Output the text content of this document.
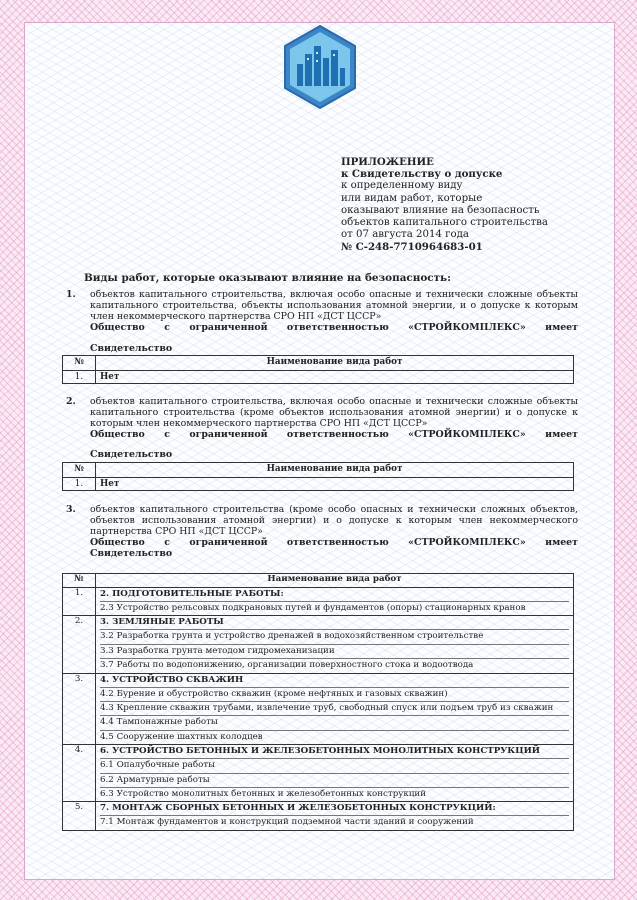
ПРИЛОЖЕНИЕ
к Свидетельству о допуске
к определенному виду
или видам работ, которые
оказывают влияние на безопасность
объектов капитального строительства
от 07 августа 2014 года
№ С-248-7710964683-01
Виды работ, которые оказывают влияние на безопасность:
1. объектов капитального строительства, включая особо опасные и технически сложные объекты капитального строительства, объекты использования атомной энергии, и о допуске к которым член некоммерческого партнерства СРО НП «ДСТ ЦССР»
Общество с ограниченной ответственностью «СТРОЙКОМПЛЕКС» имеет
№	Наименование вида работ
1.	Нет
Свидетельство
2. объектов капитального строительства, включая особо опасные и технически сложные объекты капитального строительства (кроме объектов использования атомной энергии) и о допуске к которым член некоммерческого партнерства СРО НП «ДСТ ЦССР»
Общество с ограниченной ответственностью «СТРОЙКОМПЛЕКС» имеет
Свидетельство
№	Наименование вида работ
1.	Нет
3. объектов капитального строительства (кроме особо опасных и технически сложных объектов, объектов использования атомной энергии) и о допуске к которым член некоммерческого партнерства СРО НП «ДСТ ЦССР»
Общество с ограниченной ответственностью «СТРОЙКОМПЛЕКС» имеет
Свидетельство
№	Наименование вида работ
1.	2. ПОДГОТОВИТЕЛЬНЫЕ РАБОТЫ:
2.3 Устройство рельсовых подкрановых путей и фундаментов (опоры) стационарных кранов

2.	3. ЗЕМЛЯНЫЕ РАБОТЫ
3.2 Разработка грунта и устройство дренажей в водохозяйственном строительстве
3.3 Разработка грунта методом гидромеханизации
3.7 Работы по водопонижению, организации поверхностного стока и водоотвода

3.	4. УСТРОЙСТВО СКВАЖИН
4.2 Бурение и обустройство скважин (кроме нефтяных и газовых скважин)
4.3 Крепление скважин трубами, извлечение труб, свободный спуск или подъем труб из скважин
4.4 Тампонажные работы
4.5 Сооружение шахтных колодцев

4.	6. УСТРОЙСТВО БЕТОННЫХ И ЖЕЛЕЗОБЕТОННЫХ МОНОЛИТНЫХ КОНСТРУКЦИЙ
6.1 Опалубочные работы
6.2 Арматурные работы
6.3 Устройство монолитных бетонных и железобетонных конструкций

5.	7. МОНТАЖ СБОРНЫХ БЕТОННЫХ И ЖЕЛЕЗОБЕТОННЫХ КОНСТРУКЦИЙ:
7.1 Монтаж фундаментов и конструкций подземной части зданий и сооружений
